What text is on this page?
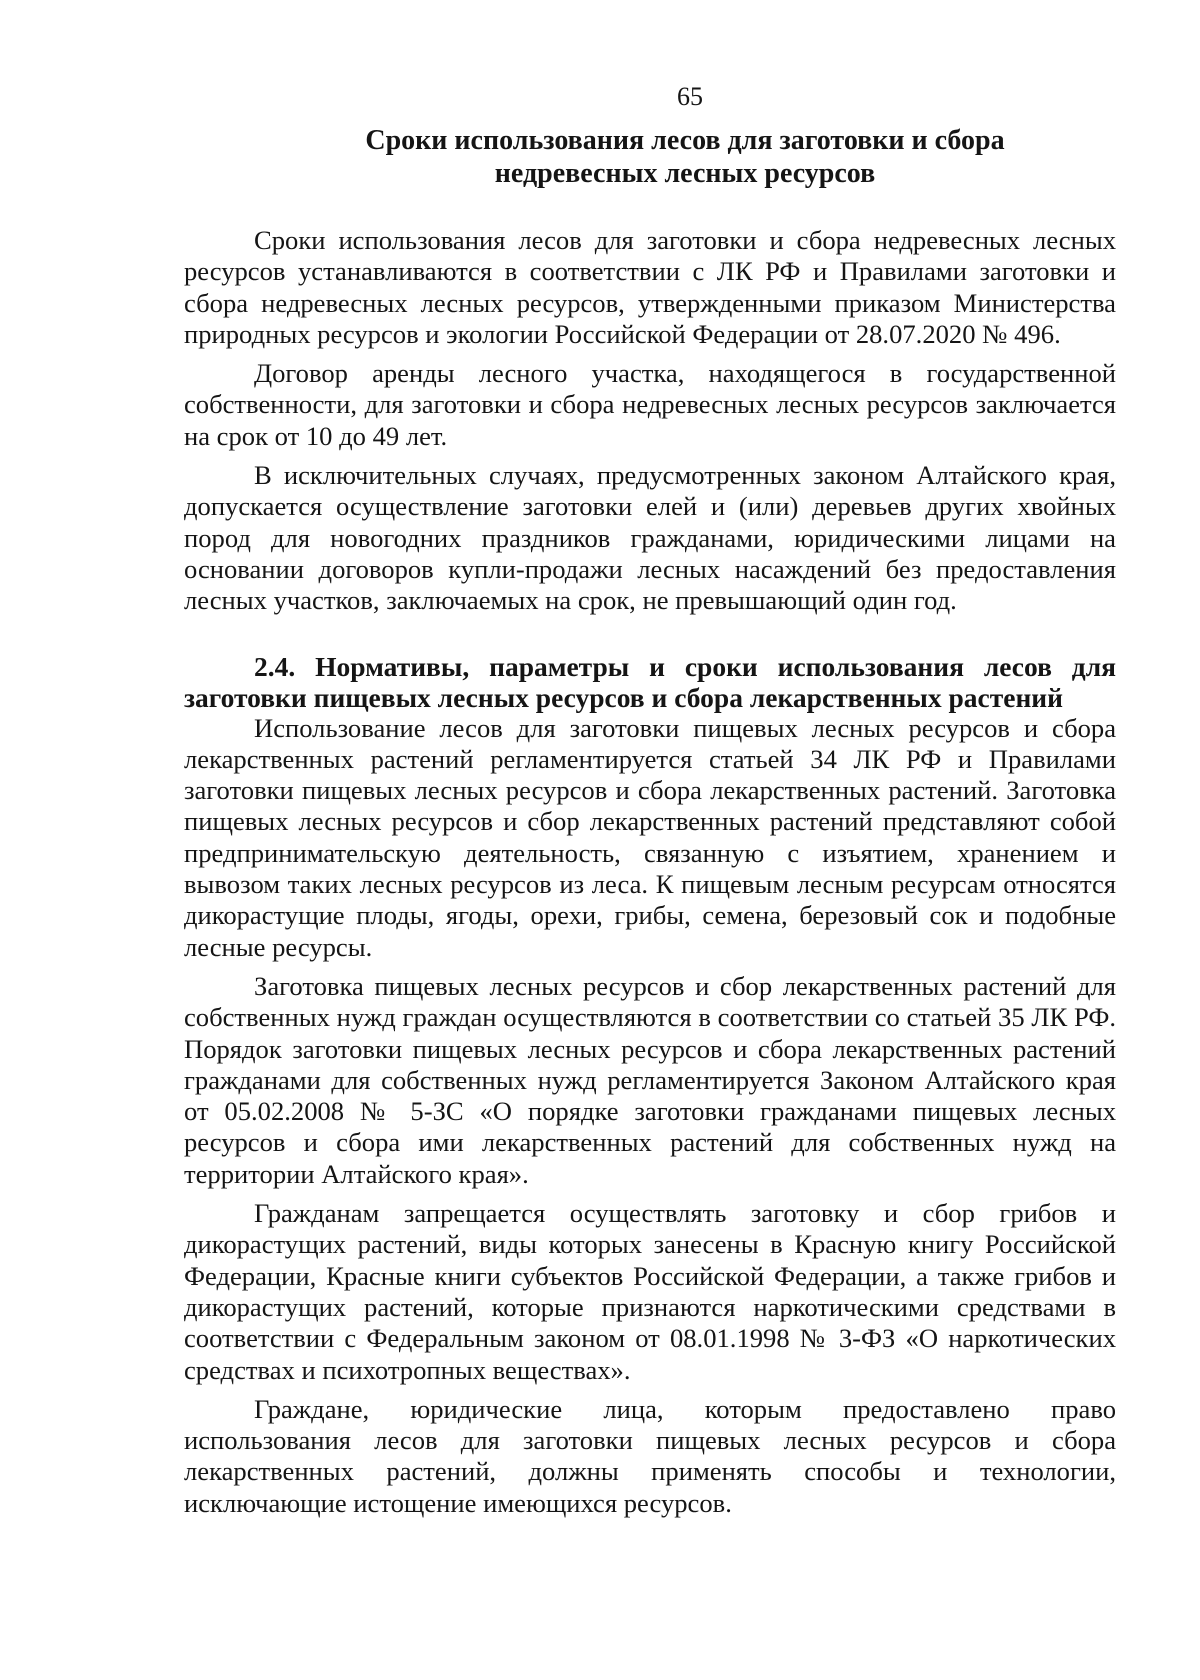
65
Сроки использования лесов для заготовки и сбора недревесных лесных ресурсов

Сроки использования лесов для заготовки и сбора недревесных лесных ресурсов устанавливаются в соответствии с ЛК РФ и Правилами заготовки и сбора недревесных лесных ресурсов, утвержденными приказом Министерства природных ресурсов и экологии Российской Федерации от 28.07.2020 № 496.

Договор аренды лесного участка, находящегося в государственной собственности, для заготовки и сбора недревесных лесных ресурсов заключается на срок от 10 до 49 лет.

В исключительных случаях, предусмотренных законом Алтайского края, допускается осуществление заготовки елей и (или) деревьев других хвойных пород для новогодних праздников гражданами, юридическими лицами на основании договоров купли-продажи лесных насаждений без предоставления лесных участков, заключаемых на срок, не превышающий один год.

2.4. Нормативы, параметры и сроки использования лесов для заготовки пищевых лесных ресурсов и сбора лекарственных растений

Использование лесов для заготовки пищевых лесных ресурсов и сбора лекарственных растений регламентируется статьей 34 ЛК РФ и Правилами заготовки пищевых лесных ресурсов и сбора лекарственных растений. Заготовка пищевых лесных ресурсов и сбор лекарственных растений представляют собой предпринимательскую деятельность, связанную с изъятием, хранением и вывозом таких лесных ресурсов из леса. К пищевым лесным ресурсам относятся дикорастущие плоды, ягоды, орехи, грибы, семена, березовый сок и подобные лесные ресурсы.

Заготовка пищевых лесных ресурсов и сбор лекарственных растений для собственных нужд граждан осуществляются в соответствии со статьей 35 ЛК РФ. Порядок заготовки пищевых лесных ресурсов и сбора лекарственных растений гражданами для собственных нужд регламентируется Законом Алтайского края от 05.02.2008 № 5-ЗС «О порядке заготовки гражданами пищевых лесных ресурсов и сбора ими лекарственных растений для собственных нужд на территории Алтайского края».

Гражданам запрещается осуществлять заготовку и сбор грибов и дикорастущих растений, виды которых занесены в Красную книгу Российской Федерации, Красные книги субъектов Российской Федерации, а также грибов и дикорастущих растений, которые признаются наркотическими средствами в соответствии с Федеральным законом от 08.01.1998 № 3-ФЗ «О наркотических средствах и психотропных веществах».

Граждане, юридические лица, которым предоставлено право использования лесов для заготовки пищевых лесных ресурсов и сбора лекарственных растений, должны применять способы и технологии, исключающие истощение имеющихся ресурсов.
